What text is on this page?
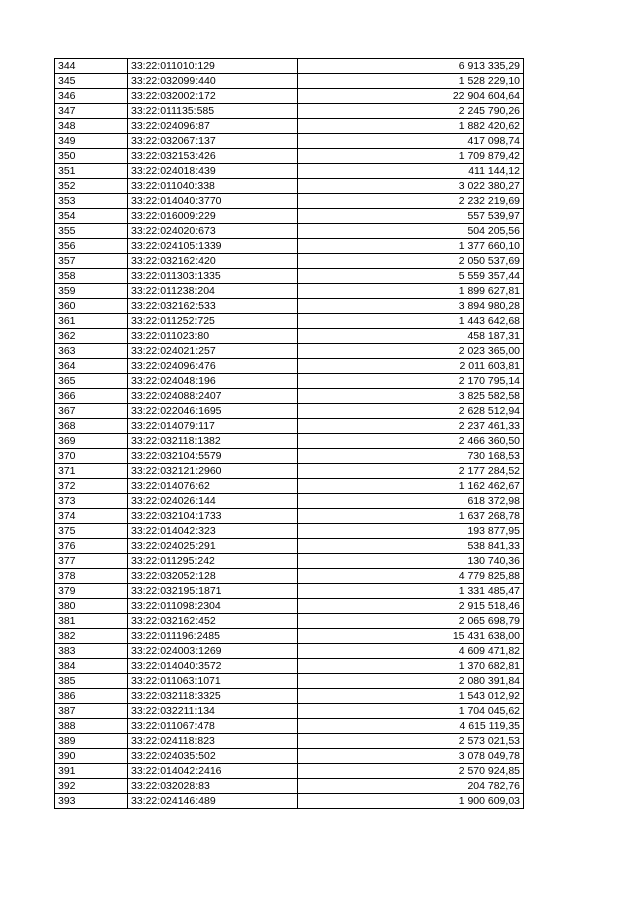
344	33:22:011010:129	6 913 335,29
345	33:22:032099:440	1 528 229,10
346	33:22:032002:172	22 904 604,64
347	33:22:011135:585	2 245 790,26
348	33:22:024096:87	1 882 420,62
349	33:22:032067:137	417 098,74
350	33:22:032153:426	1 709 879,42
351	33:22:024018:439	411 144,12
352	33:22:011040:338	3 022 380,27
353	33:22:014040:3770	2 232 219,69
354	33:22:016009:229	557 539,97
355	33:22:024020:673	504 205,56
356	33:22:024105:1339	1 377 660,10
357	33:22:032162:420	2 050 537,69
358	33:22:011303:1335	5 559 357,44
359	33:22:011238:204	1 899 627,81
360	33:22:032162:533	3 894 980,28
361	33:22:011252:725	1 443 642,68
362	33:22:011023:80	458 187,31
363	33:22:024021:257	2 023 365,00
364	33:22:024096:476	2 011 603,81
365	33:22:024048:196	2 170 795,14
366	33:22:024088:2407	3 825 582,58
367	33:22:022046:1695	2 628 512,94
368	33:22:014079:117	2 237 461,33
369	33:22:032118:1382	2 466 360,50
370	33:22:032104:5579	730 168,53
371	33:22:032121:2960	2 177 284,52
372	33:22:014076:62	1 162 462,67
373	33:22:024026:144	618 372,98
374	33:22:032104:1733	1 637 268,78
375	33:22:014042:323	193 877,95
376	33:22:024025:291	538 841,33
377	33:22:011295:242	130 740,36
378	33:22:032052:128	4 779 825,88
379	33:22:032195:1871	1 331 485,47
380	33:22:011098:2304	2 915 518,46
381	33:22:032162:452	2 065 698,79
382	33:22:011196:2485	15 431 638,00
383	33:22:024003:1269	4 609 471,82
384	33:22:014040:3572	1 370 682,81
385	33:22:011063:1071	2 080 391,84
386	33:22:032118:3325	1 543 012,92
387	33:22:032211:134	1 704 045,62
388	33:22:011067:478	4 615 119,35
389	33:22:024118:823	2 573 021,53
390	33:22:024035:502	3 078 049,78
391	33:22:014042:2416	2 570 924,85
392	33:22:032028:83	204 782,76
393	33:22:024146:489	1 900 609,03
